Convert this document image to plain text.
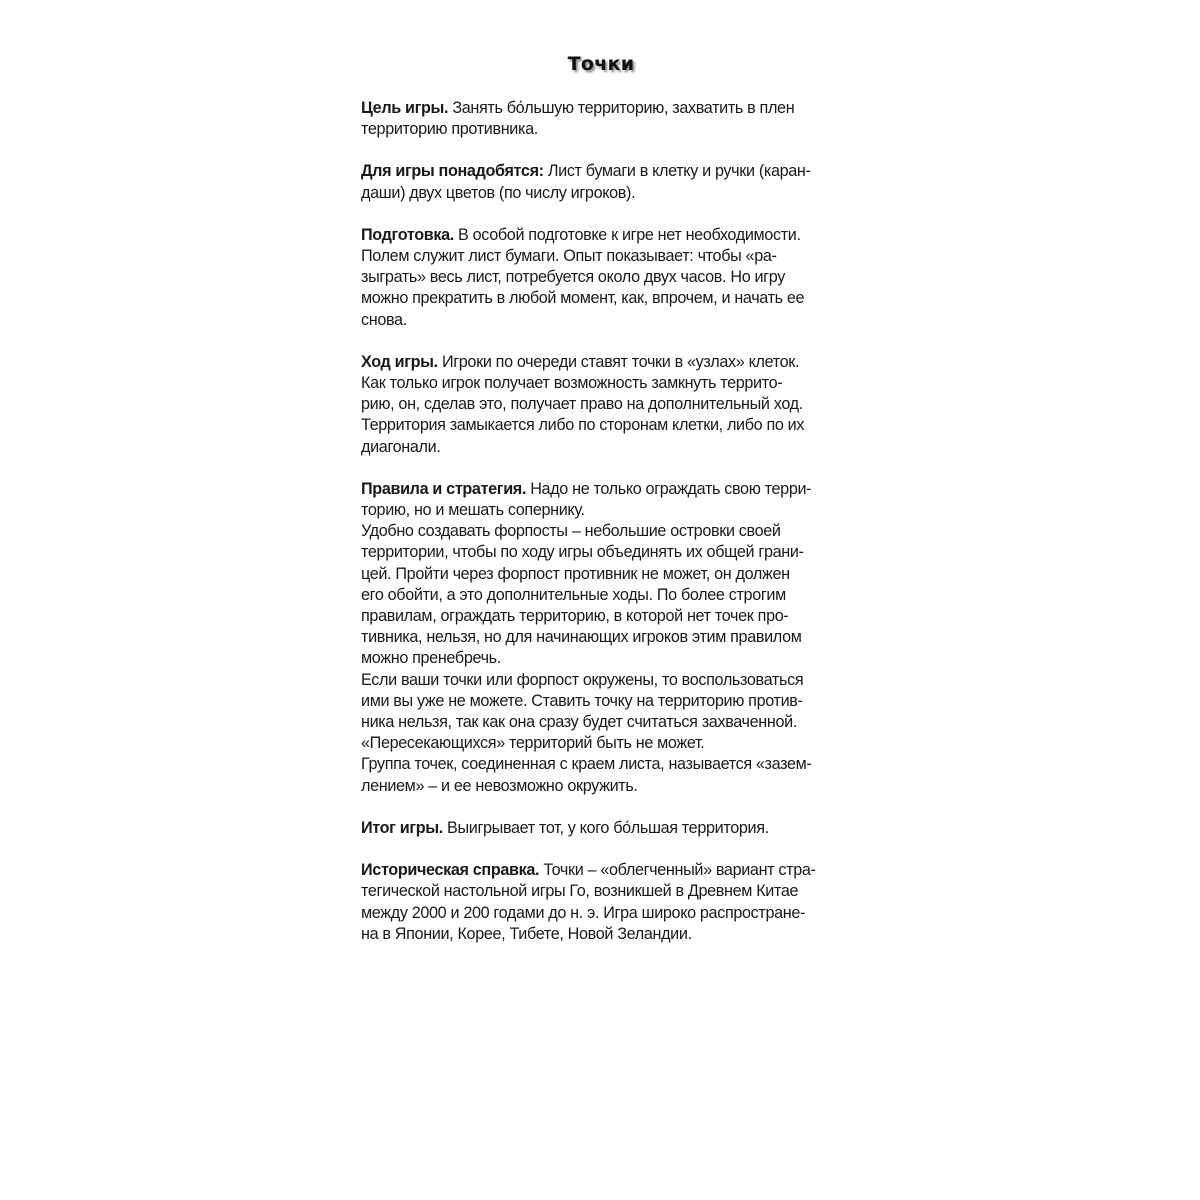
Точки
Цель игры. Занять бо́льшую территорию, захватить в плен
территорию противника.
Для игры понадобятся: Лист бумаги в клетку и ручки (каран-
даши) двух цветов (по числу игроков).
Подготовка. В особой подготовке к игре нет необходимости.
Полем служит лист бумаги. Опыт показывает: чтобы «ра-
зыграть» весь лист, потребуется около двух часов. Но игру
можно прекратить в любой момент, как, впрочем, и начать ее
снова.
Ход игры. Игроки по очереди ставят точки в «узлах» клеток.
Как только игрок получает возможность замкнуть террито-
рию, он, сделав это, получает право на дополнительный ход.
Территория замыкается либо по сторонам клетки, либо по их
диагонали.
Правила и стратегия. Надо не только ограждать свою терри-
торию, но и мешать сопернику.
Удобно создавать форпосты – небольшие островки своей
территории, чтобы по ходу игры объединять их общей грани-
цей. Пройти через форпост противник не может, он должен
его обойти, а это дополнительные ходы. По более строгим
правилам, ограждать территорию, в которой нет точек про-
тивника, нельзя, но для начинающих игроков этим правилом
можно пренебречь.
Если ваши точки или форпост окружены, то воспользоваться
ими вы уже не можете. Ставить точку на территорию против-
ника нельзя, так как она сразу будет считаться захваченной.
«Пересекающихся» территорий быть не может.
Группа точек, соединенная с краем листа, называется «зазем-
лением» – и ее невозможно окружить.
Итог игры. Выигрывает тот, у кого бо́льшая территория.
Историческая справка. Точки – «облегченный» вариант стра-
тегической настольной игры Го, возникшей в Древнем Китае
между 2000 и 200 годами до н. э. Игра широко распростране-
на в Японии, Корее, Тибете, Новой Зеландии.
